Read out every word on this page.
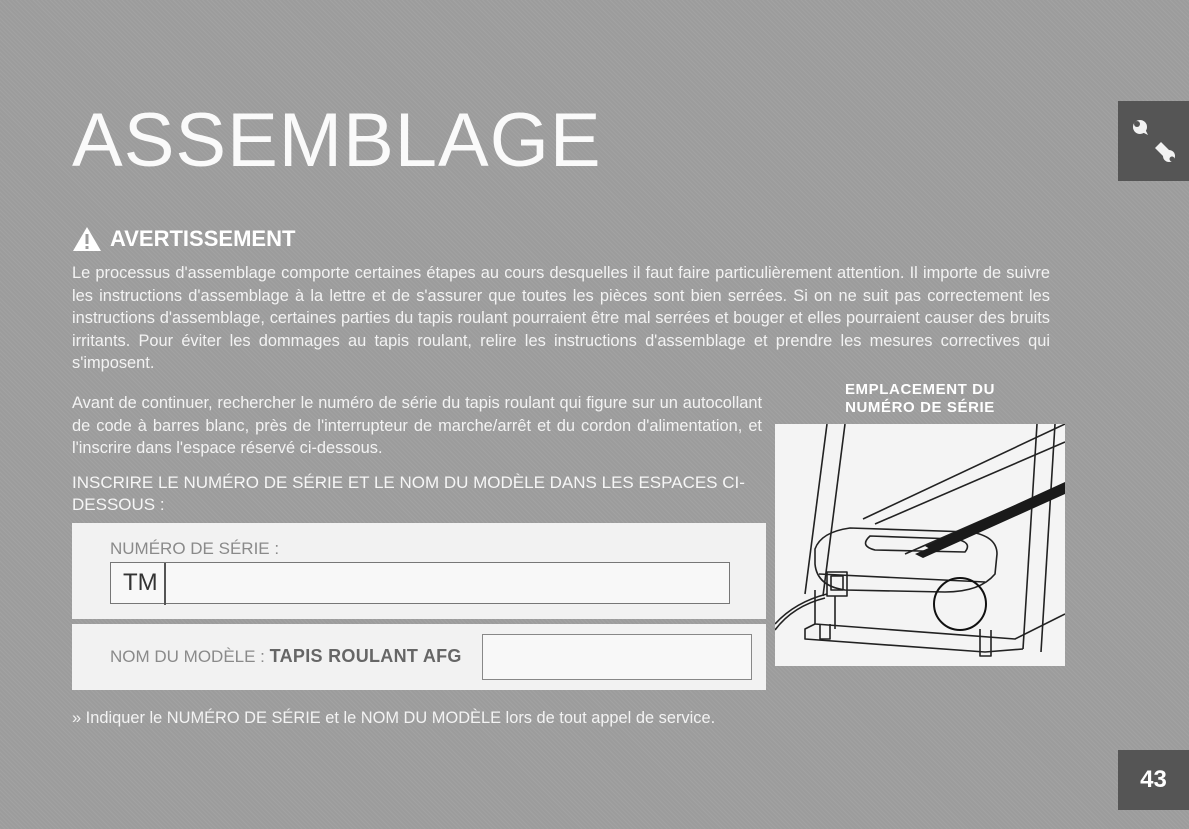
ASSEMBLAGE
AVERTISSEMENT

Le processus d'assemblage comporte certaines étapes au cours desquelles il faut faire particulièrement attention. Il importe de suivre les instructions d'assemblage à la lettre et de s'assurer que toutes les pièces sont bien serrées. Si on ne suit pas correctement les instructions d'assemblage, certaines parties du tapis roulant pourraient être mal serrées et bouger et elles pourraient causer des bruits irritants. Pour éviter les dommages au tapis roulant, relire les instructions d'assemblage et prendre les mesures correctives qui s'imposent.

Avant de continuer, rechercher le numéro de série du tapis roulant qui figure sur un autocollant de code à barres blanc, près de l'interrupteur de marche/arrêt et du cordon d'alimentation, et l'inscrire dans l'espace réservé ci-dessous.

INSCRIRE LE NUMÉRO DE SÉRIE ET LE NOM DU MODÈLE DANS LES ESPACES CI-DESSOUS :

NUMÉRO DE SÉRIE :
TM
NOM DU MODÈLE : TAPIS ROULANT AFG

» Indiquer le NUMÉRO DE SÉRIE et le NOM DU MODÈLE lors de tout appel de service.

EMPLACEMENT DU
NUMÉRO DE SÉRIE

43
